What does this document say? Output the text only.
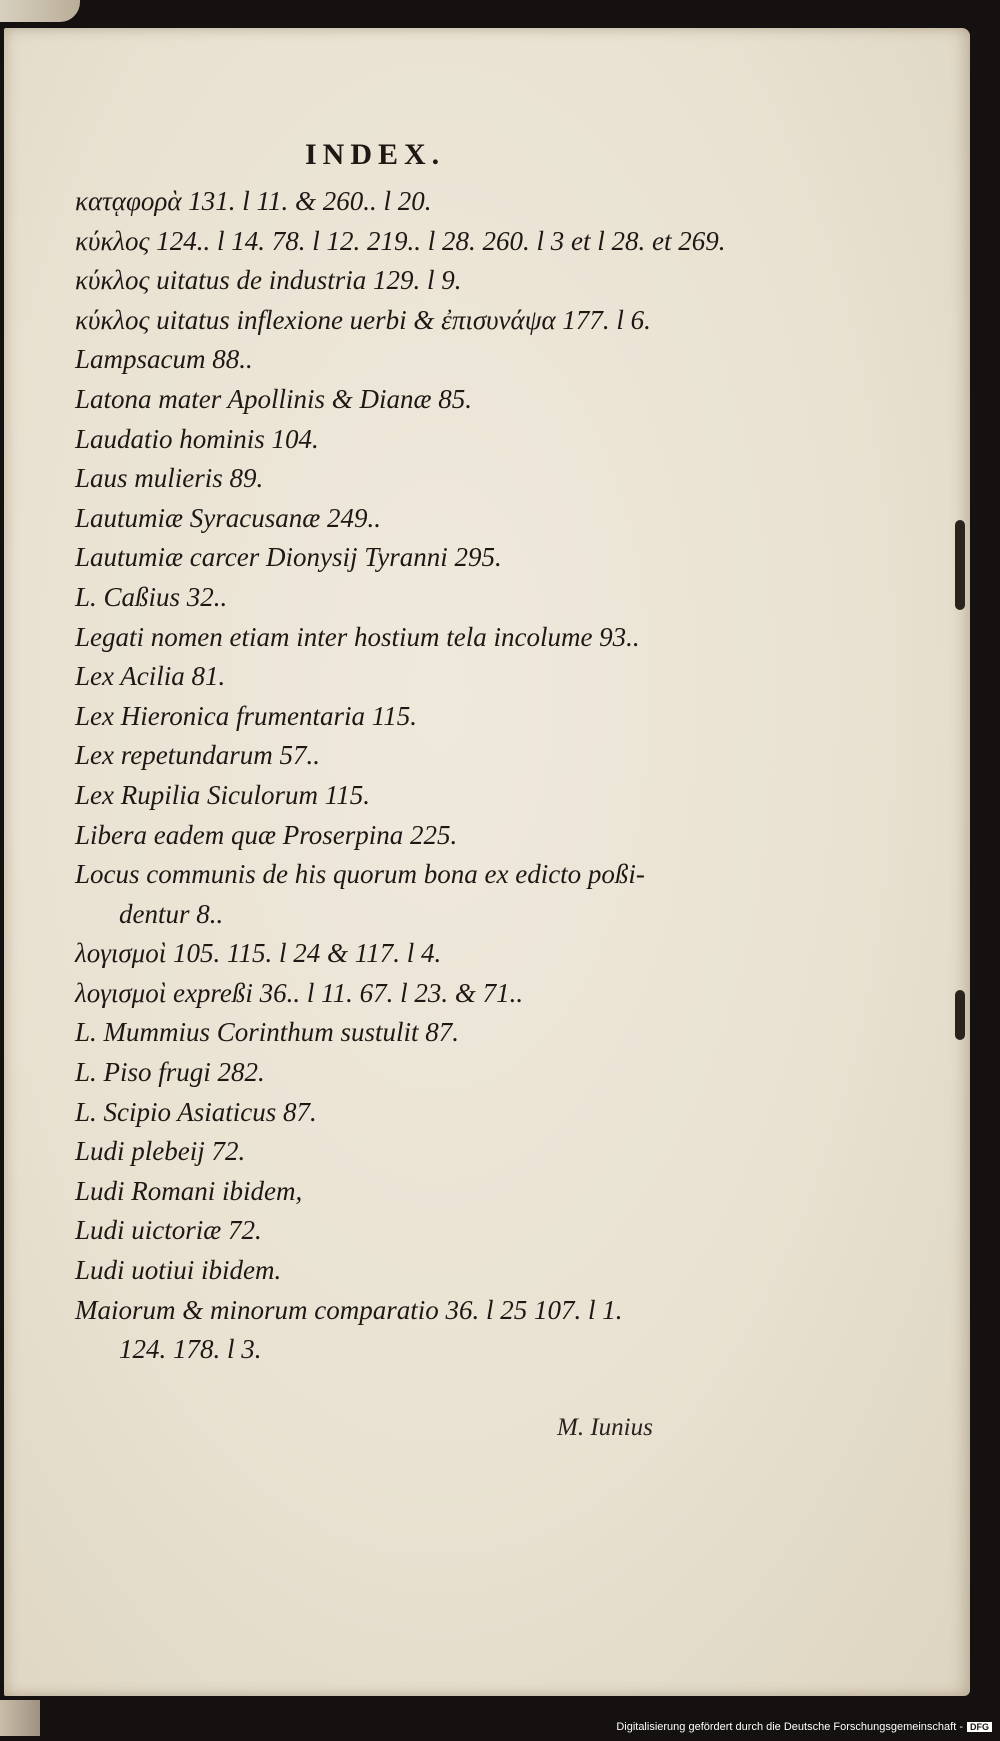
INDEX.
κατᾳφορὰ 131. l 11. & 260.. l 20.
κύκλος 124.. l 14. 78. l 12. 219.. l 28. 260. l 3 et l 28. et 269.
κύκλος uitatus de industria 129. l 9.
κύκλος uitatus inflexione uerbi & ἐπισυνάψα 177. l 6.
Lampsacum 88..
Latona mater Apollinis & Dianæ 85.
Laudatio hominis 104.
Laus mulieris 89.
Lautumiæ Syracusanæ 249..
Lautumiæ carcer Dionysij Tyranni 295.
L. Caßius 32..
Legati nomen etiam inter hostium tela incolume 93..
Lex Acilia 81.
Lex Hieronica frumentaria 115.
Lex repetundarum 57..
Lex Rupilia Siculorum 115.
Libera eadem quæ Proserpina 225.
Locus communis de his quorum bona ex edicto poßi-
dentur 8..
λογισμοὶ 105. 115. l 24 & 117. l 4.
λογισμοὶ expreßi 36.. l 11. 67. l 23. & 71..
L. Mummius Corinthum sustulit 87.
L. Piso frugi 282.
L. Scipio Asiaticus 87.
Ludi plebeij 72.
Ludi Romani ibidem,
Ludi uictoriæ 72.
Ludi uotiui ibidem.
Maiorum & minorum comparatio 36. l 25 107. l 1.
124. 178. l 3.
M. Iunius
Digitalisierung gefördert durch die Deutsche Forschungsgemeinschaft - DFG
